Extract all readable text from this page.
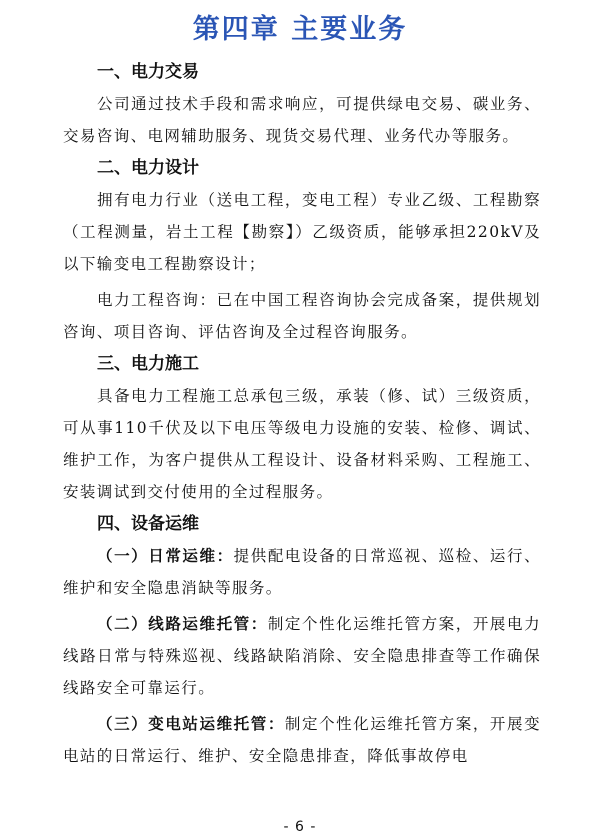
第四章 主要业务

一、电力交易

公司通过技术手段和需求响应，可提供绿电交易、碳业务、交易咨询、电网辅助服务、现货交易代理、业务代办等服务。

二、电力设计

拥有电力行业（送电工程，变电工程）专业乙级、工程勘察（工程测量，岩土工程【勘察】）乙级资质，能够承担220kV及以下输变电工程勘察设计；

电力工程咨询：已在中国工程咨询协会完成备案，提供规划咨询、项目咨询、评估咨询及全过程咨询服务。

三、电力施工

具备电力工程施工总承包三级，承装（修、试）三级资质，可从事110千伏及以下电压等级电力设施的安装、检修、调试、维护工作，为客户提供从工程设计、设备材料采购、工程施工、安装调试到交付使用的全过程服务。

四、设备运维

（一）日常运维：提供配电设备的日常巡视、巡检、运行、维护和安全隐患消缺等服务。

（二）线路运维托管：制定个性化运维托管方案，开展电力线路日常与特殊巡视、线路缺陷消除、安全隐患排查等工作确保线路安全可靠运行。

（三）变电站运维托管：制定个性化运维托管方案，开展变电站的日常运行、维护、安全隐患排查，降低事故停电

- 6 -
